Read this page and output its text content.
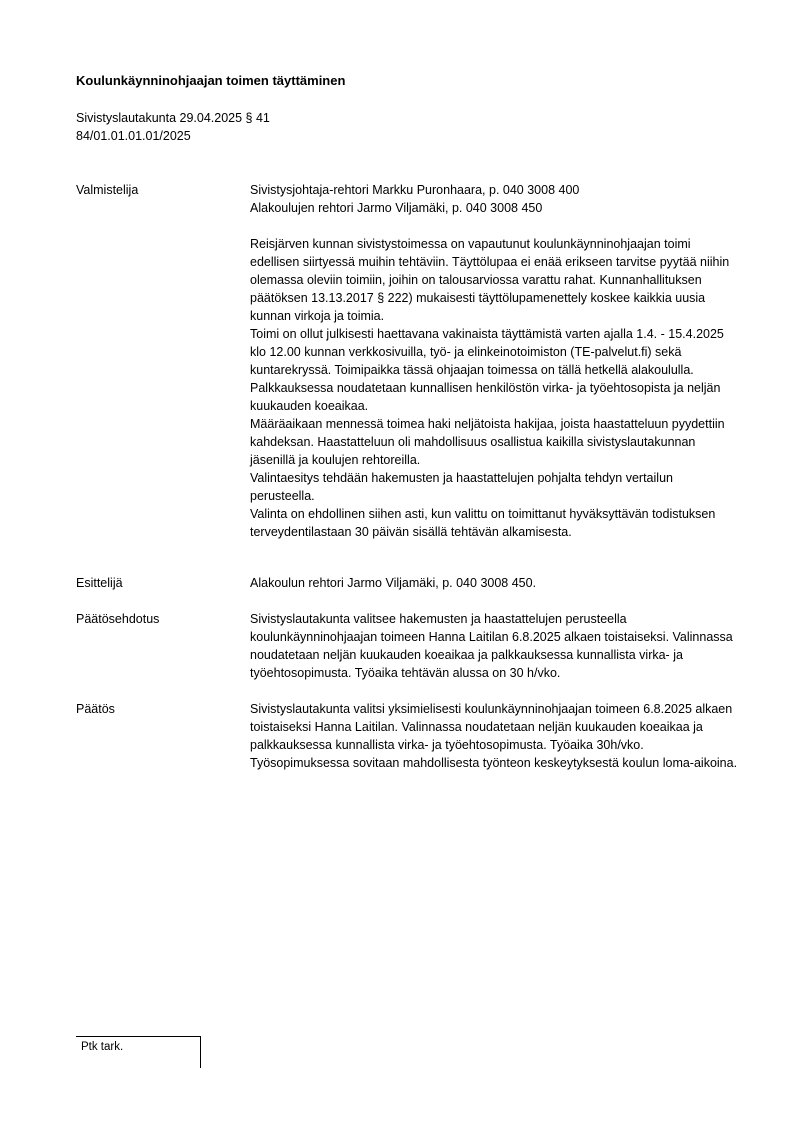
Koulunkäynninohjaajan toimen täyttäminen
Sivistyslautakunta 29.04.2025 § 41
84/01.01.01.01/2025
Valmistelija	Sivistysjohtaja-rehtori Markku Puronhaara, p. 040 3008 400

Alakoulujen rehtori Jarmo Viljamäki, p. 040 3008 450

Reisjärven kunnan sivistystoimessa on vapautunut koulunkäynninohjaajan toimi edellisen siirtyessä muihin tehtäviin. Täyttölupaa ei enää erikseen tarvitse pyytää niihin olemassa oleviin toimiin, joihin on talousarviossa varattu rahat. Kunnanhallituksen päätöksen 13.13.2017 § 222) mukaisesti täyttölupamenettely koskee kaikkia uusia kunnan virkoja ja toimia.

Toimi on ollut julkisesti haettavana vakinaista täyttämistä varten ajalla 1.4. - 15.4.2025 klo 12.00 kunnan verkkosivuilla, työ- ja elinkeinotoimiston (TE-palvelut.fi) sekä kuntarekryssä. Toimipaikka tässä ohjaajan toimessa on tällä hetkellä alakoululla.

Palkkauksessa noudatetaan kunnallisen henkilöstön virka- ja työehtosopista ja neljän kuukauden koeaikaa.

Määräaikaan mennessä toimea haki neljätoista hakijaa, joista haastatteluun pyydettiin kahdeksan. Haastatteluun oli mahdollisuus osallistua kaikilla sivistyslautakunnan jäsenillä ja koulujen rehtoreilla.

Valintaesitys tehdään hakemusten ja haastattelujen pohjalta tehdyn vertailun perusteella.

Valinta on ehdollinen siihen asti, kun valittu on toimittanut hyväksyttävän todistuksen terveydentilastaan 30 päivän sisällä tehtävän alkamisesta.

Esittelijä	Alakoulun rehtori Jarmo Viljamäki, p. 040 3008 450.

Päätösehdotus	Sivistyslautakunta valitsee hakemusten ja haastattelujen perusteella koulunkäynninohjaajan toimeen Hanna Laitilan 6.8.2025 alkaen toistaiseksi. Valinnassa noudatetaan neljän kuukauden koeaikaa ja palkkauksessa kunnallista virka- ja työehtosopimusta. Työaika tehtävän alussa on 30 h/vko.

Päätös	Sivistyslautakunta valitsi yksimielisesti koulunkäynninohjaajan toimeen 6.8.2025 alkaen toistaiseksi Hanna Laitilan. Valinnassa noudatetaan neljän kuukauden koeaikaa ja palkkauksessa kunnallista virka- ja työehtosopimusta. Työaika 30h/vko. Työsopimuksessa sovitaan mahdollisesta työnteon keskeytyksestä koulun loma-aikoina.

Ptk tark.
